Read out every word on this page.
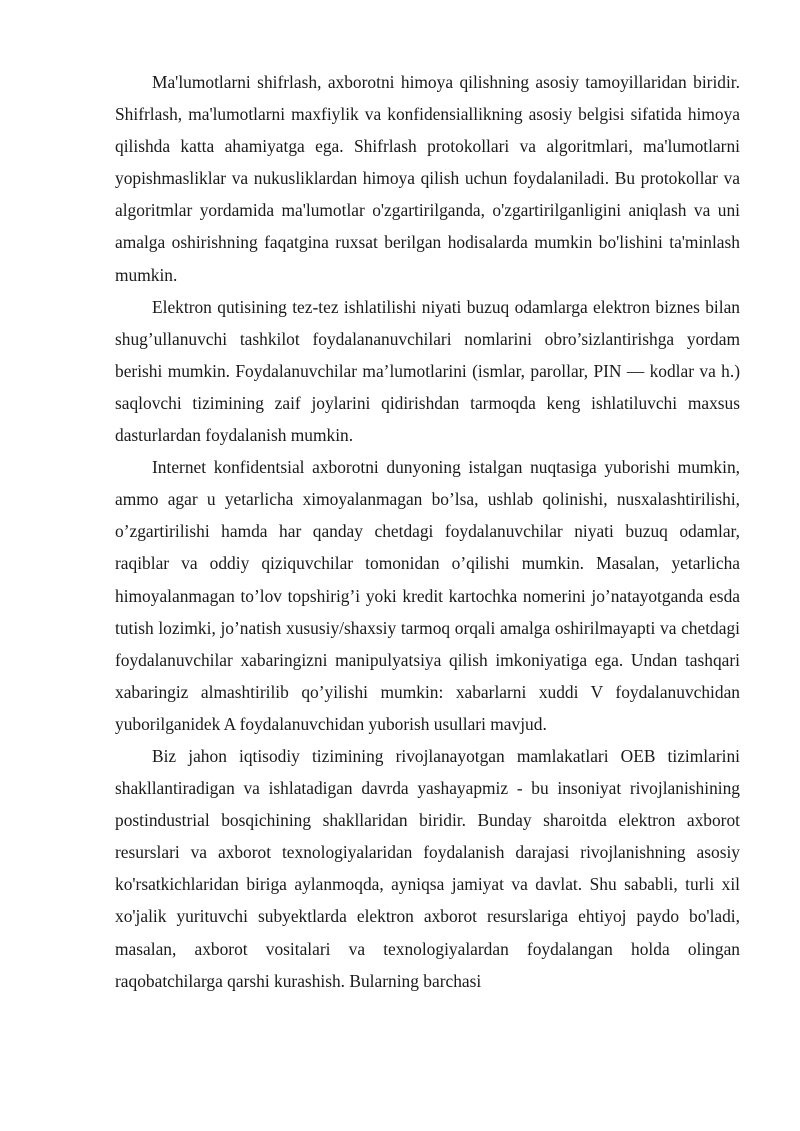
Ma'lumotlarni shifrlash, axborotni himoya qilishning asosiy tamoyillaridan biridir. Shifrlash, ma'lumotlarni maxfiylik va konfidensiallikning asosiy belgisi sifatida himoya qilishda katta ahamiyatga ega. Shifrlash protokollari va algoritmlari, ma'lumotlarni yopishmasliklar va nukusliklardan himoya qilish uchun foydalaniladi. Bu protokollar va algoritmlar yordamida ma'lumotlar o'zgartirilganda, o'zgartirilganligini aniqlash va uni amalga oshirishning faqatgina ruxsat berilgan hodisalarda mumkin bo'lishini ta'minlash mumkin.

Elektron qutisining tez-tez ishlatilishi niyati buzuq odamlarga elektron biznes bilan shug’ullanuvchi tashkilot foydalananuvchilari nomlarini obro’sizlantirishga yordam berishi mumkin. Foydalanuvchilar ma’lumotlarini (ismlar, parollar, PIN — kodlar va h.) saqlovchi tizimining zaif joylarini qidirishdan tarmoqda keng ishlatiluvchi maxsus dasturlardan foydalanish mumkin.

Internet konfidentsial axborotni dunyoning istalgan nuqtasiga yuborishi mumkin, ammo agar u yetarlicha ximoyalanmagan bo’lsa, ushlab qolinishi, nusxalashtirilishi, o’zgartirilishi hamda har qanday chetdagi foydalanuvchilar niyati buzuq odamlar, raqiblar va oddiy qiziquvchilar tomonidan o’qilishi mumkin. Masalan, yetarlicha himoyalanmagan to’lov topshirig’i yoki kredit kartochka nomerini jo’natayotganda esda tutish lozimki, jo’natish xususiy/shaxsiy tarmoq orqali amalga oshirilmayapti va chetdagi foydalanuvchilar xabaringizni manipulyatsiya qilish imkoniyatiga ega. Undan tashqari xabaringiz almashtirilib qo’yilishi mumkin: xabarlarni xuddi V foydalanuvchidan yuborilganidek A foydalanuvchidan yuborish usullari mavjud.

Biz jahon iqtisodiy tizimining rivojlanayotgan mamlakatlari OEB tizimlarini shakllantiradigan va ishlatadigan davrda yashayapmiz - bu insoniyat rivojlanishining postindustrial bosqichining shakllaridan biridir. Bunday sharoitda elektron axborot resurslari va axborot texnologiyalaridan foydalanish darajasi rivojlanishning asosiy ko'rsatkichlaridan biriga aylanmoqda, ayniqsa jamiyat va davlat. Shu sababli, turli xil xo'jalik yurituvchi subyektlarda elektron axborot resurslariga ehtiyoj paydo bo'ladi, masalan, axborot vositalari va texnologiyalardan foydalangan holda olingan raqobatchilarga qarshi kurashish. Bularning barchasi
